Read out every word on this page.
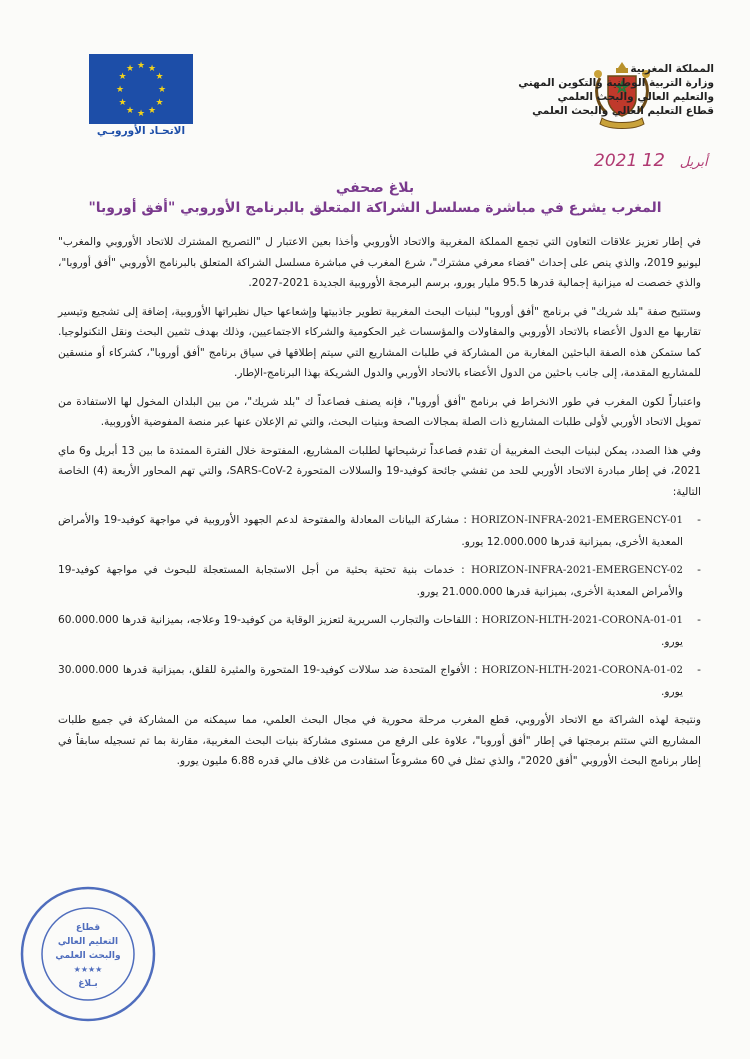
المملكة المغربية
وزارة التربية الوطنية والتكوين المهني
والتعليم العالي والبحث العلمي
قطاع التعليم العالي والبحث العلمي
★ ★
★
★
★
★
★
★
★
★
★
★
الاتحـاد الأوروبـي
2021	أبريل 12
بلاغ صحفي
المغرب يشرع في مباشرة مسلسل الشراكة المتعلق بالبرنامج الأوروبي "أفق أوروبا"

في إطار تعزيز علاقات التعاون التي تجمع المملكة المغربية والاتحاد الأوروبي وأخذا بعين الاعتبار ل "التصريح المشترك للاتحاد الأوروبي والمغرب" ليونيو 2019، والذي ينص على إحداث "فضاء معرفي مشترك"، شرع المغرب في مباشرة مسلسل الشراكة المتعلق بالبرنامج الأوروبي "أفق أوروبا"، والذي خصصت له ميزانية إجمالية قدرها 95.5 مليار يورو، برسم البرمجة الأوروبية الجديدة 2021-2027.

وستتيح صفة "بلد شريك" في برنامج "أفق أوروبا" لبنيات البحث المغربية تطوير جاذبيتها وإشعاعها حيال نظيراتها الأوروبية، إضافة إلى تشجيع وتيسير تقاربها مع الدول الأعضاء بالاتحاد الأوروبي والمقاولات والمؤسسات غير الحكومية والشركاء الاجتماعيين، وذلك بهدف تثمين البحث ونقل التكنولوجيا. كما ستمكن هذه الصفة الباحثين المغاربة من المشاركة في طلبات المشاريع التي سيتم إطلاقها في سياق برنامج "أفق أوروبا"، كشركاء أو منسقين للمشاريع المقدمة، إلى جانب باحثين من الدول الأعضاء بالاتحاد الأوربي والدول الشريكة بهذا البرنامج-الإطار.

واعتباراً لكون المغرب في طور الانخراط في برنامج "أفق أوروبا"، فإنه يصنف فصاعداً ك "بلد شريك"، من بين البلدان المخول لها الاستفادة من تمويل الاتحاد الأوربي لأولى طلبات المشاريع ذات الصلة بمجالات الصحة وبنيات البحث، والتي تم الإعلان عنها عبر منصة المفوضية الأوروبية.

وفي هذا الصدد، يمكن لبنيات البحث المغربية أن تقدم فصاعداً ترشيحاتها لطلبات المشاريع، المفتوحة خلال الفترة الممتدة ما بين 13 أبريل و6 ماي 2021، في إطار مبادرة الاتحاد الأوربي للحد من تفشي جائحة كوفيد-19 والسلالات المتحورة SARS-CoV-2، والتي تهم المحاور الأربعة (4) الخاصة التالية:

-
HORIZON-INFRA-2021-EMERGENCY-01 : مشاركة البيانات المعادلة والمفتوحة لدعم الجهود الأوروبية في مواجهة كوفيد-19 والأمراض المعدية الأخرى، بميزانية قدرها 12.000.000 يورو.
-
HORIZON-INFRA-2021-EMERGENCY-02 : خدمات بنية تحتية بحثية من أجل الاستجابة المستعجلة للبحوث في مواجهة كوفيد-19 والأمراض المعدية الأخرى، بميزانية قدرها 21.000.000 يورو.
-
HORIZON-HLTH-2021-CORONA-01-01 : اللقاحات والتجارب السريرية لتعزيز الوقاية من كوفيد-19 وعلاجه، بميزانية قدرها 60.000.000 يورو.
-
HORIZON-HLTH-2021-CORONA-01-02 : الأفواج المتحدة ضد سلالات كوفيد-19 المتحورة والمثيرة للقلق، بميزانية قدرها 30.000.000 يورو.

ونتيجة لهذه الشراكة مع الاتحاد الأوروبي، قطع المغرب مرحلة محورية في مجال البحث العلمي، مما سيمكنه من المشاركة في جميع طلبات المشاريع التي ستتم برمجتها في إطار "أفق أوروبا"، علاوة على الرفع من مستوى مشاركة بنيات البحث المغربية، مقارنة بما تم تسجيله سابقاً في إطار برنامج البحث الأوروبي "أفق 2020"، والذي تمثل في 60 مشروعاً استفادت من غلاف مالي قدره 6.88 مليون يورو.

قطاع
التعليم العالي
والبحث العلمي
★★★★
بـلاغ
